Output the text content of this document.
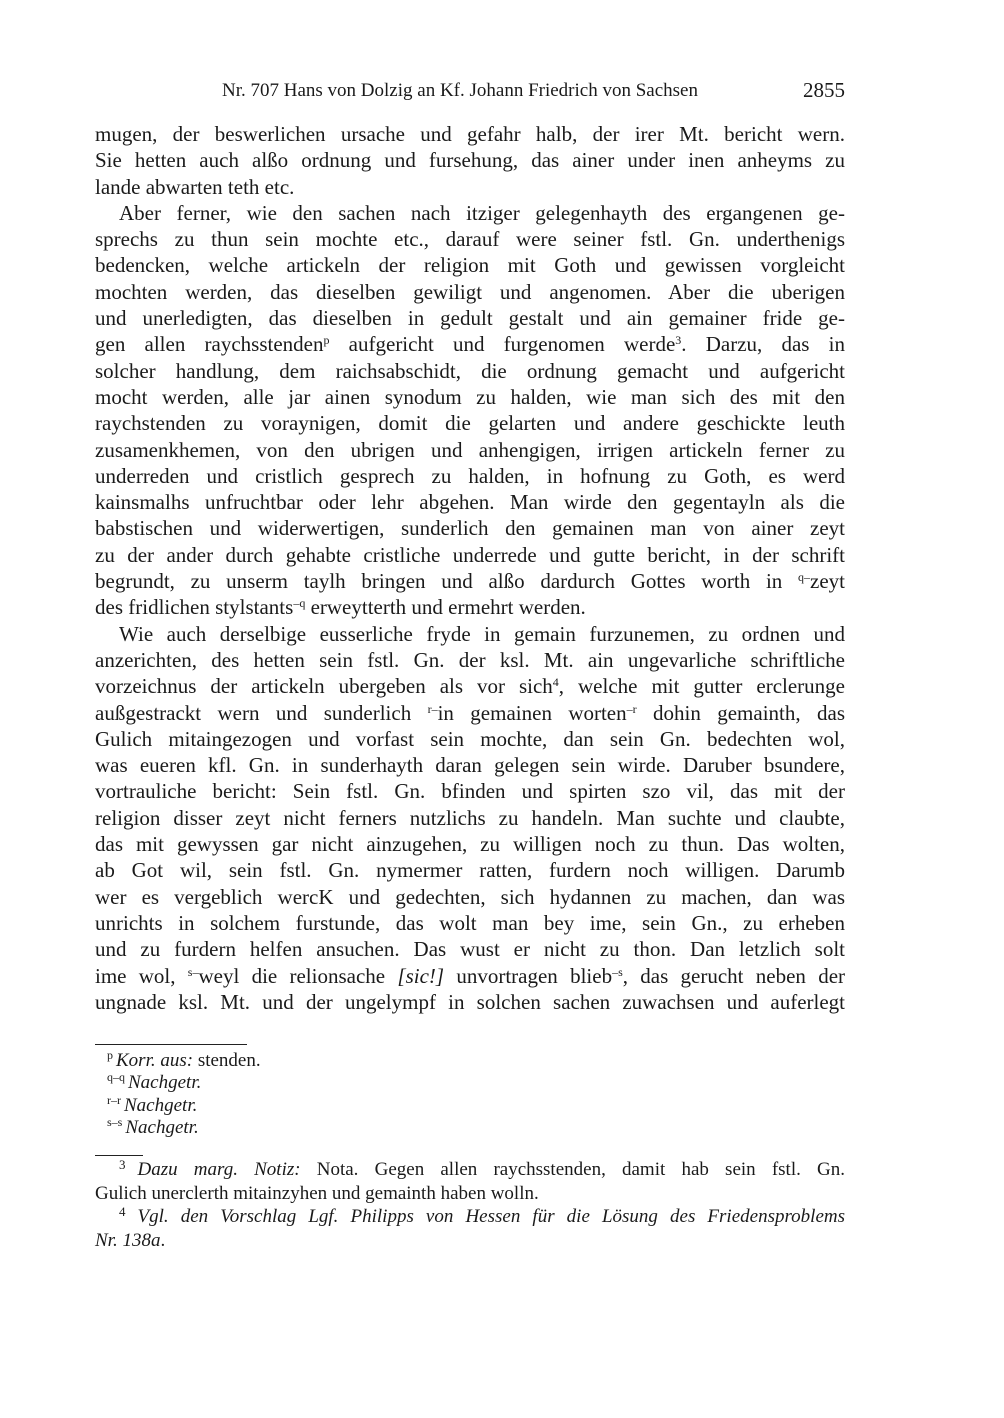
Nr. 707 Hans von Dolzig an Kf. Johann Friedrich von Sachsen	2855
mugen, der beswerlichen ursache und gefahr halb, der irer Mt. bericht wern.
Sie hetten auch alßo ordnung und fursehung, das ainer under inen anheyms zu
lande abwarten teth etc.
Aber ferner, wie den sachen nach itziger gelegenhayth des ergangenen ge-
sprechs zu thun sein mochte etc., darauf were seiner fstl. Gn. underthenigs
bedencken, welche artickeln der religion mit Goth und gewissen vorgleicht
mochten werden, das dieselben gewiligt und angenomen. Aber die uberigen
und unerledigten, das dieselben in gedult gestalt und ain gemainer fride ge-
gen allen raychsstenden$^p$ aufgericht und furgenomen werde$^3$. Darzu, das in
solcher handlung, dem raichsabschidt, die ordnung gemacht und aufgericht
mocht werden, alle jar ainen synodum zu halden, wie man sich des mit den
raychstenden zu voraynigen, domit die gelarten und andere geschickte leuth
zusamenkhemen, von den ubrigen und anhengigen, irrigen artickeln ferner zu
underreden und cristlich gesprech zu halden, in hofnung zu Goth, es werd
kainsmalhs unfruchtbar oder lehr abgehen. Man wirde den gegentayln als die
babstischen und widerwertigen, sunderlich den gemainen man von ainer zeyt
zu der ander durch gehabte cristliche underrede und gutte bericht, in der schrift
begrundt, zu unserm taylh bringen und alßo dardurch Gottes worth in $^{q-}$zeyt
des fridlichen stylstants$^{-q}$ erweytterth und ermehrt werden.
Wie auch derselbige eusserliche fryde in gemain furzunemen, zu ordnen und
anzerichten, des hetten sein fstl. Gn. der ksl. Mt. ain ungevarliche schriftliche
vorzeichnus der artickeln ubergeben als vor sich$^4$, welche mit gutter erclerunge
außgestrackt wern und sunderlich $^{r-}$in gemainen worten$^{-r}$ dohin gemainth, das
Gulich mitaingezogen und vorfast sein mochte, dan sein Gn. bedechten wol,
was eueren kfl. Gn. in sunderhayth daran gelegen sein wirde. Daruber bsundere,
vortrauliche bericht: Sein fstl. Gn. bfinden und spirten szo vil, das mit der
religion disser zeyt nicht ferners nutzlichs zu handeln. Man suchte und claubte,
das mit gewyssen gar nicht ainzugehen, zu willigen noch zu thun. Das wolten,
ab Got wil, sein fstl. Gn. nymermer ratten, furdern noch willigen. Darumb
wer es vergeblich wercK und gedechten, sich hydannen zu machen, dan was
unrichts in solchem furstunde, das wolt man bey ime, sein Gn., zu erheben
und zu furdern helfen ansuchen. Das wust er nicht zu thon. Dan letzlich solt
ime wol, $^{s-}$weyl die relionsache [sic!] unvortragen blieb$^{-s}$, das gerucht neben der
ungnade ksl. Mt. und der ungelympf in solchen sachen zuwachsen und auferlegt
$^p$ Korr. aus: stenden.
$^{q-q}$ Nachgetr.
$^{r-r}$ Nachgetr.
$^{s-s}$ Nachgetr.
$^3$ Dazu marg. Notiz: Nota. Gegen allen raychsstenden, damit hab sein fstl. Gn.
Gulich unerclerth mitainzyhen und gemainth haben wolln.
$^4$ Vgl. den Vorschlag Lgf. Philipps von Hessen für die Lösung des Friedensproblems
Nr. 138a.
